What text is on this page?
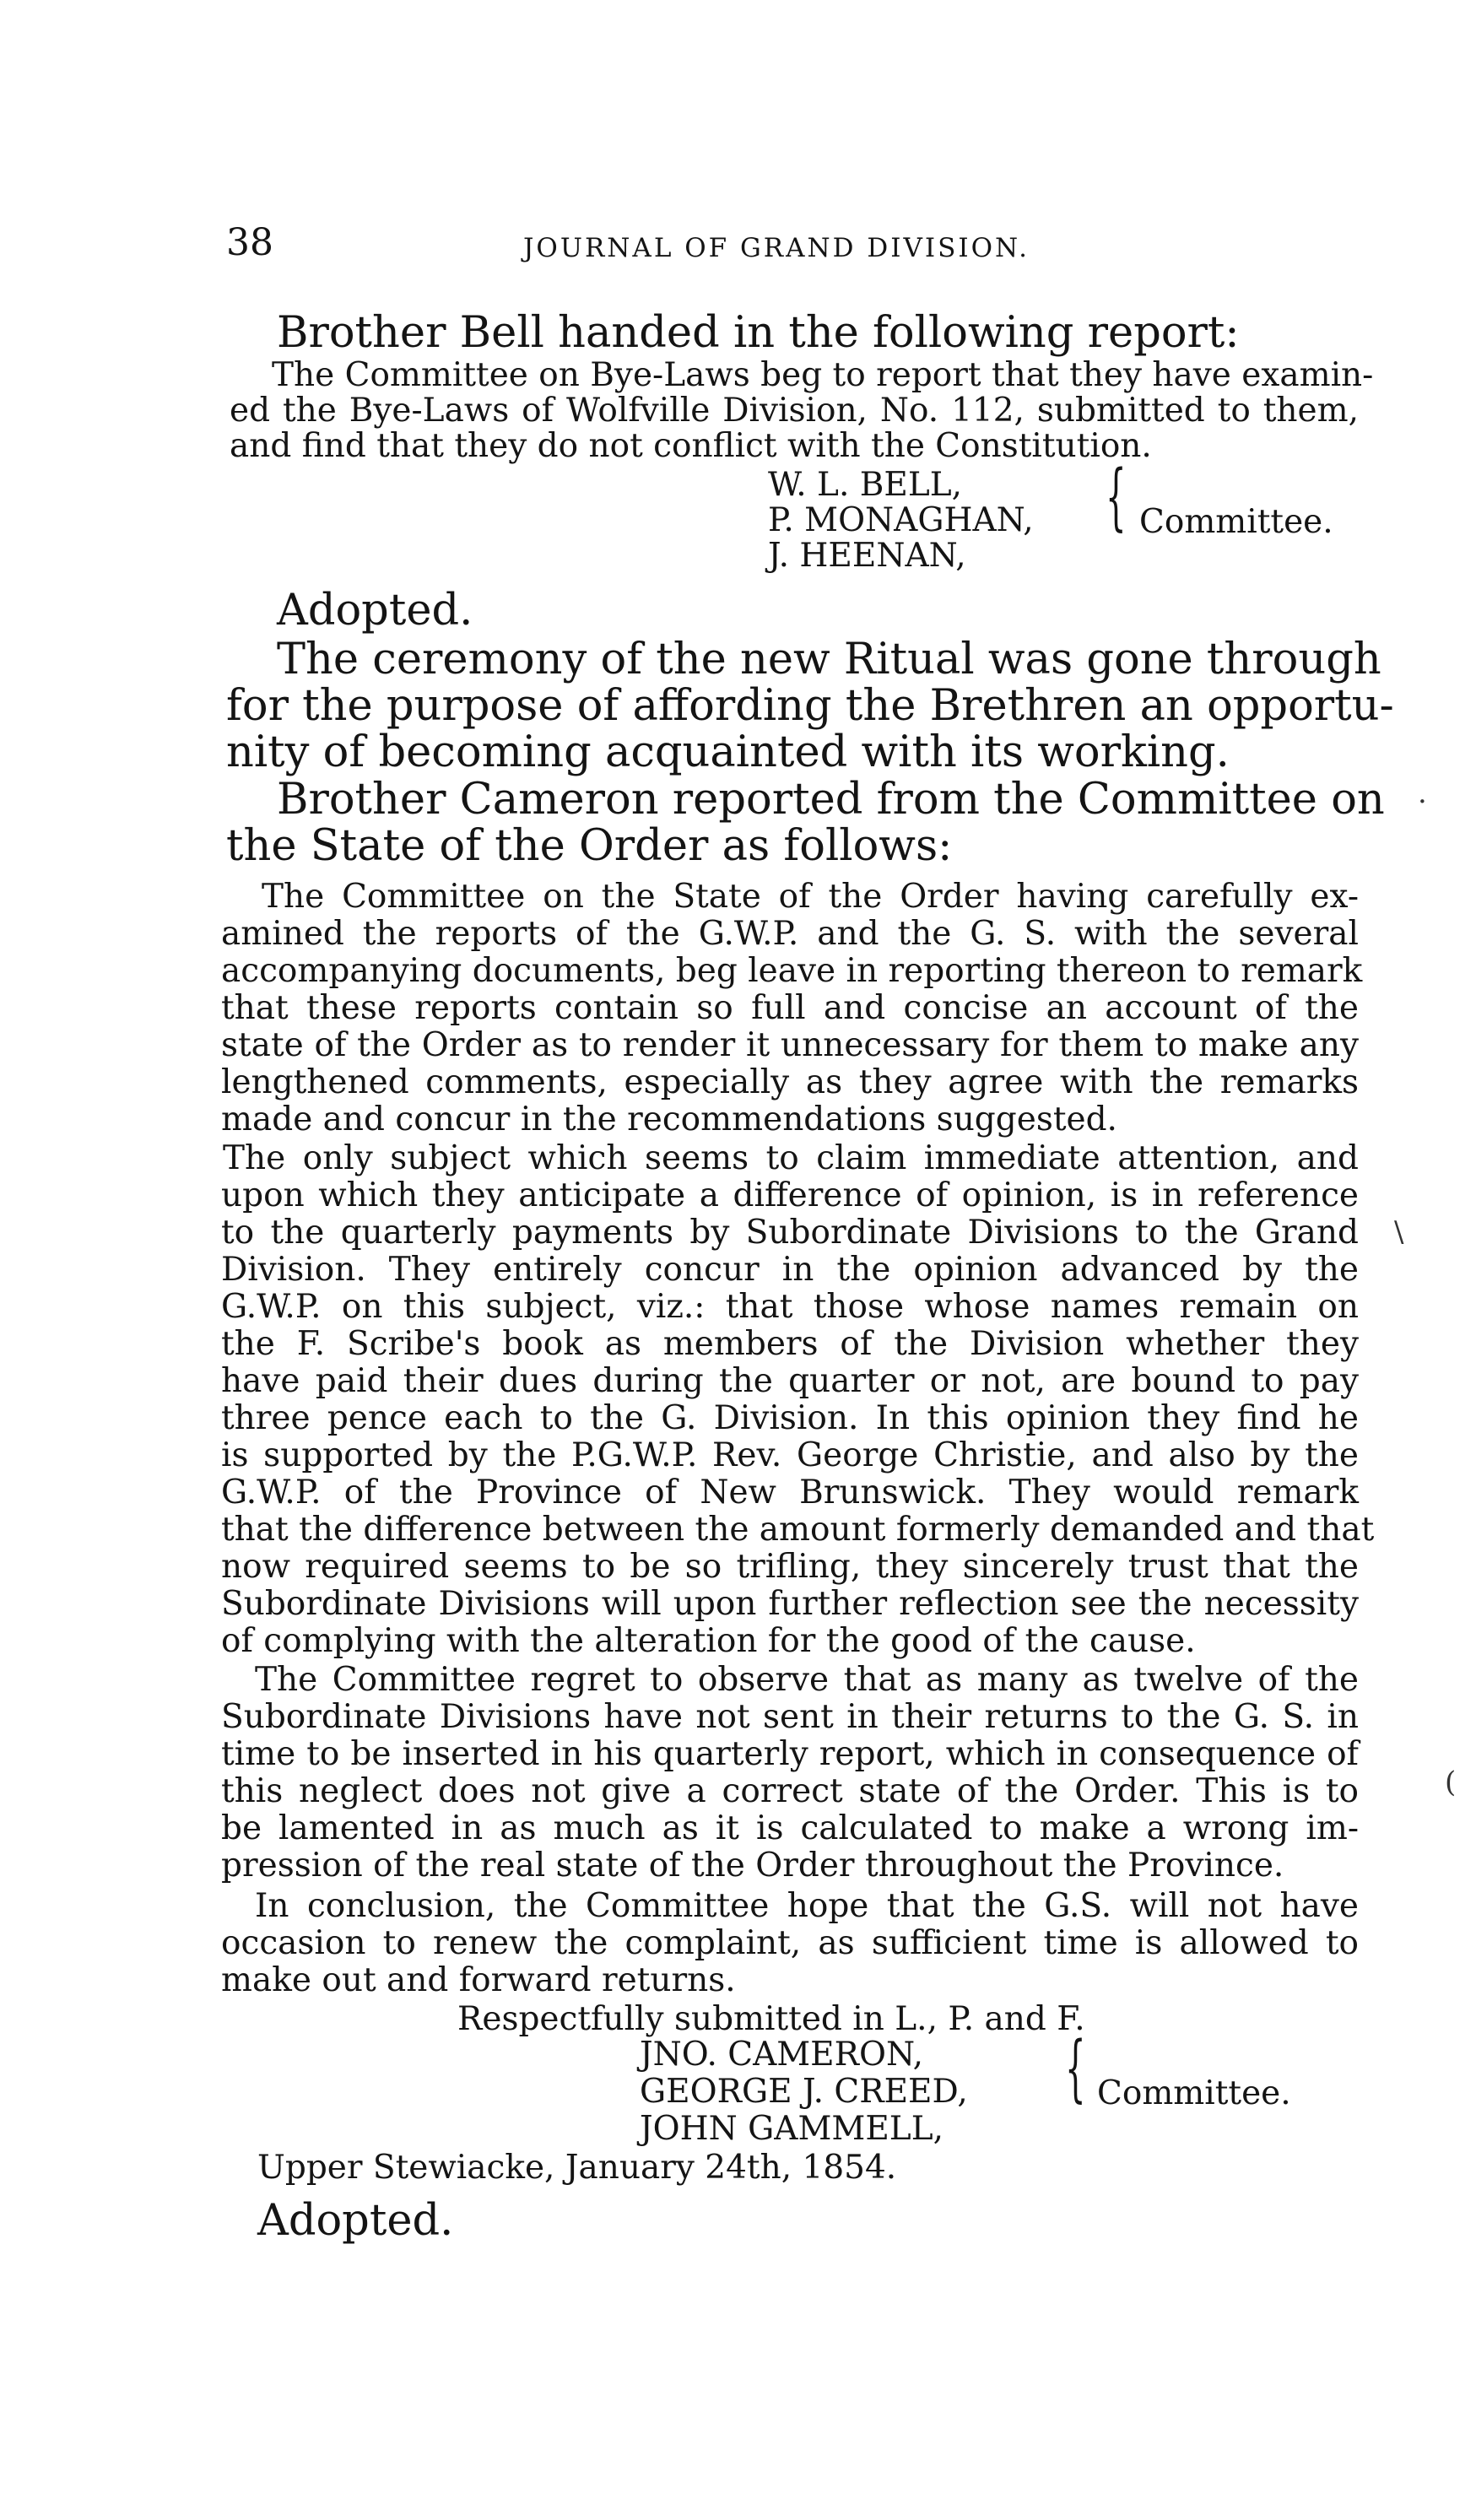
38	JOURNAL OF GRAND DIVISION.
Brother Bell handed in the following report:
The Committee on Bye-Laws beg to report that they have examin-
ed the Bye-Laws of Wolfville Division, No. 112, submitted to them,
and find that they do not conflict with the Constitution.
W. L. BELL,
P. MONAGHAN,
J. HEENAN,
{ Committee.
Adopted.
The ceremony of the new Ritual was gone through
for the purpose of affording the Brethren an opportu-
nity of becoming acquainted with its working.
Brother Cameron reported from the Committee on
the State of the Order as follows:
·
The Committee on the State of the Order having carefully ex-
amined the reports of the G.W.P. and the G. S. with the several
accompanying documents, beg leave in reporting thereon to remark
that these reports contain so full and concise an account of the
state of the Order as to render it unnecessary for them to make any
lengthened comments, especially as they agree with the remarks
made and concur in the recommendations suggested.
The only subject which seems to claim immediate attention, and
upon which they anticipate a difference of opinion, is in reference
to the quarterly payments by Subordinate Divisions to the Grand
Division. They entirely concur in the opinion advanced by the
G.W.P. on this subject, viz.: that those whose names remain on
the F. Scribe's book as members of the Division whether they
have paid their dues during the quarter or not, are bound to pay
three pence each to the G. Division. In this opinion they find he
is supported by the P.G.W.P. Rev. George Christie, and also by the
G.W.P. of the Province of New Brunswick. They would remark
that the difference between the amount formerly demanded and that
now required seems to be so trifling, they sincerely trust that the
Subordinate Divisions will upon further reflection see the necessity
of complying with the alteration for the good of the cause.
\
The Committee regret to observe that as many as twelve of the
Subordinate Divisions have not sent in their returns to the G. S. in
time to be inserted in his quarterly report, which in consequence of
this neglect does not give a correct state of the Order. This is to
be lamented in as much as it is calculated to make a wrong im-
pression of the real state of the Order throughout the Province.
(
In conclusion, the Committee hope that the G.S. will not have
occasion to renew the complaint, as sufficient time is allowed to
make out and forward returns.
Respectfully submitted in L., P. and F.
JNO. CAMERON,
GEORGE J. CREED,
JOHN GAMMELL,
{ Committee.
Upper Stewiacke, January 24th, 1854.
Adopted.
